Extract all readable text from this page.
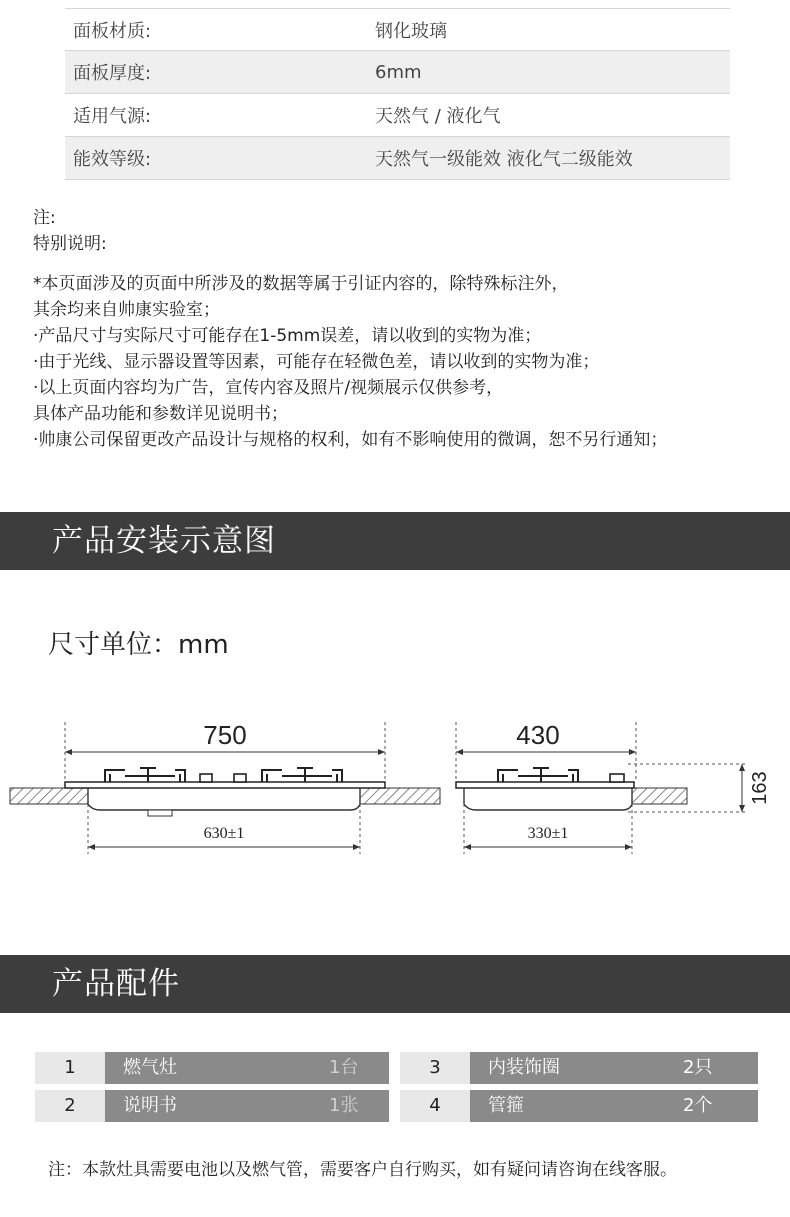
面板材质:	钢化玻璃
面板厚度:	6mm
适用气源:	天然气 / 液化气
能效等级:	天然气一级能效 液化气二级能效

注:

特别说明:

*本页面涉及的页面中所涉及的数据等属于引证内容的，除特殊标注外，

其余均来自帅康实验室；

·产品尺寸与实际尺寸可能存在1-5mm误差，请以收到的实物为准；

·由于光线、显示器设置等因素，可能存在轻微色差，请以收到的实物为准；

·以上页面内容均为广告，宣传内容及照片/视频展示仅供参考，

具体产品功能和参数详见说明书；

·帅康公司保留更改产品设计与规格的权利，如有不影响使用的微调，恕不另行通知；

产品安装示意图
尺寸单位：mm
750
630±1
430
330±1
163
产品配件
1	燃气灶	1台
2	说明书	1张
3	内装饰圈	2只
4	管箍	2个
注：本款灶具需要电池以及燃气管，需要客户自行购买，如有疑问请咨询在线客服。
